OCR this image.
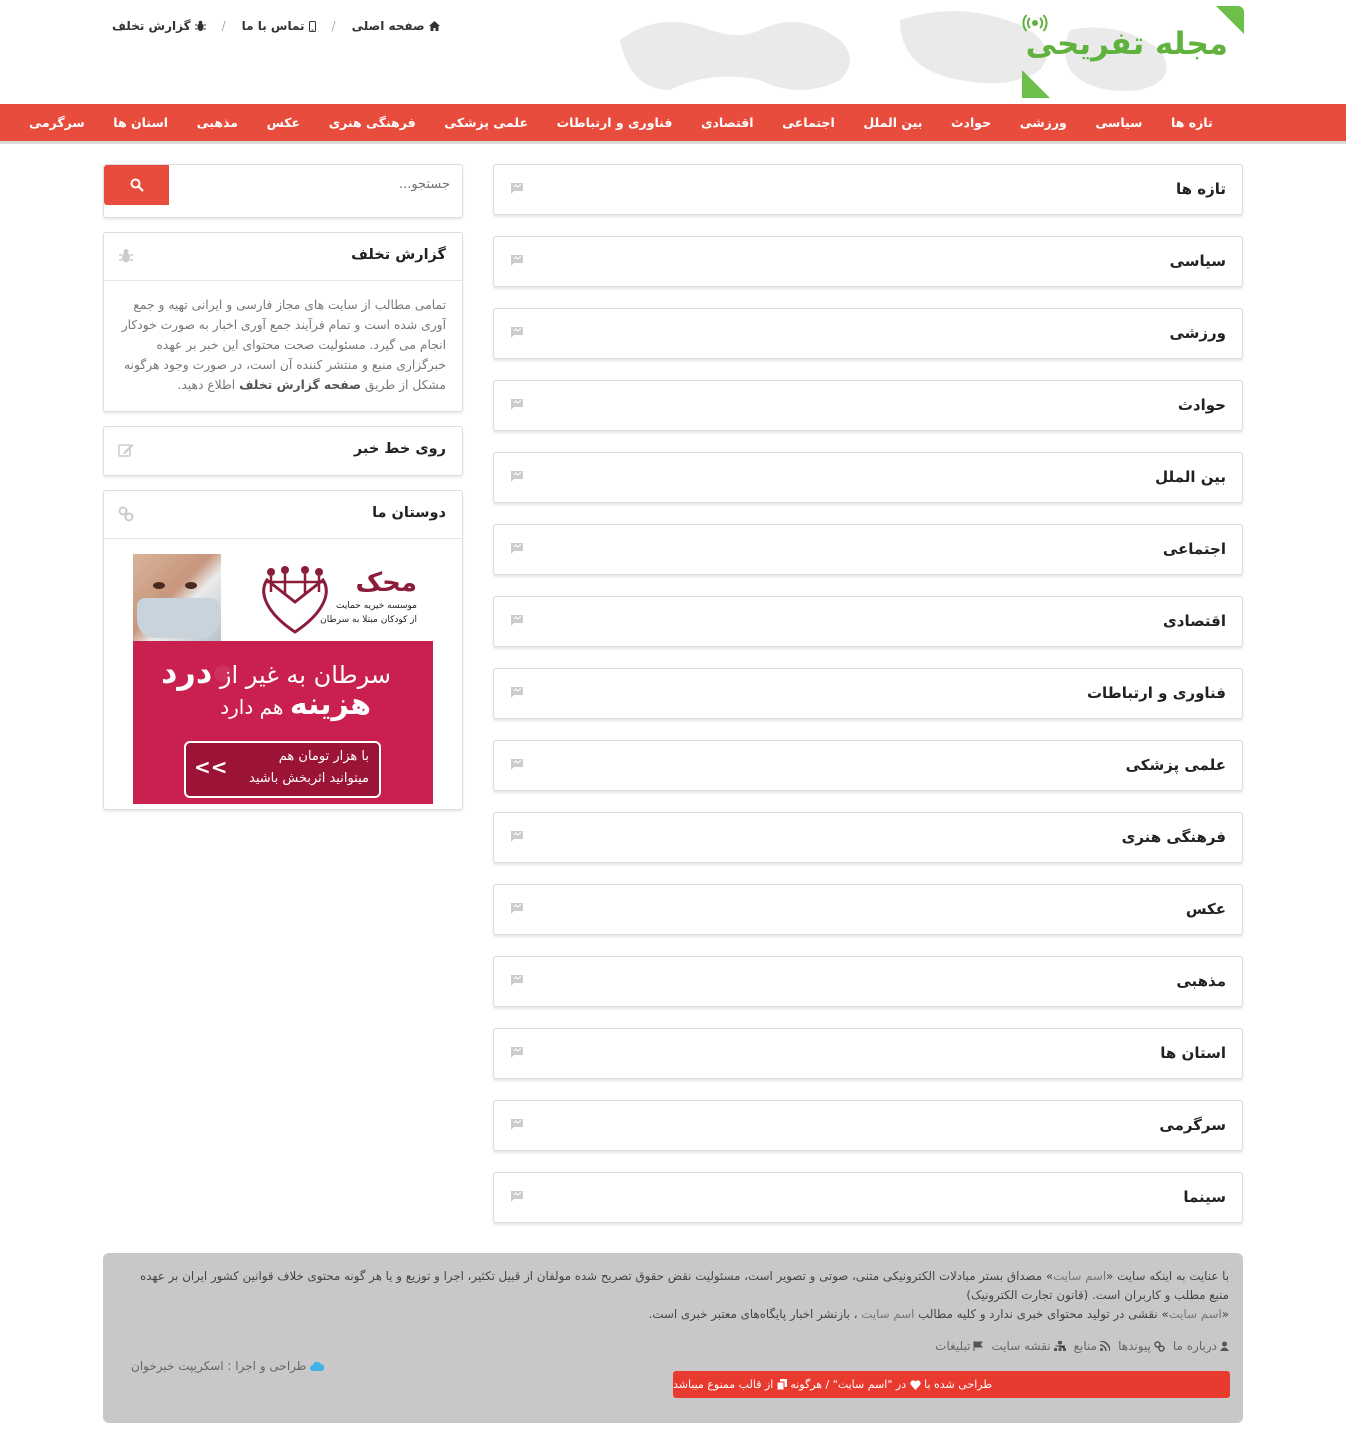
مجله تفریحی
صفحه اصلی
/
تماس با ما
/
گزارش تخلف
تازه ها
سیاسی
ورزشی
حوادث
بین الملل
اجتماعی
اقتصادی
فناوری و ارتباطات
علمی پزشکی
فرهنگی هنری
عکس
مذهبی
استان ها
سرگرمی
تازه ها
سیاسی
ورزشی
حوادث
بین الملل
اجتماعی
اقتصادی
فناوری و ارتباطات
علمی پزشکی
فرهنگی هنری
عکس
مذهبی
استان ها
سرگرمی
سینما
جستجو...
گزارش تخلف
تمامی مطالب از سایت های مجاز فارسی و ایرانی تهیه و جمع آوری شده است و تمام فرآیند جمع آوری اخبار به صورت خودکار انجام می گیرد. مسئولیت صحت محتوای این خبر بر عهده خبرگزاری منبع و منتشر کننده آن است، در صورت وجود هرگونه مشکل از طریق صفحه گزارش تخلف اطلاع دهید.
روی خط خبر
دوستان ما
محک
موسسه خیریه حمایت
از کودکان مبتلا به سرطان
سرطان به غیر از درد
هزینه هم دارد
با هزار تومان هم
میتوانید اثربخش باشید
>>
با عنایت به اینکه سایت «اسم سایت» مصداق بستر مبادلات الکترونیکی متنی، صوتی و تصویر است، مسئولیت نقض حقوق تصریح شده مولفان از قبیل تکثیر، اجرا و توزیع و یا هر گونه محتوی خلاف قوانین کشور ایران بر عهده منبع مطلب و کاربران است. (قانون تجارت الکترونیک)
«اسم سایت» نقشی در تولید محتوای خبری ندارد و کلیه مطالب اسم سایت ، بازنشر اخبار پایگاه‌های معتبر خبری است.
درباره ما
پیوندها
منابع
نقشه سایت
تبلیغات
طراحی و اجرا : اسکریپت خبرخوان
طراحی شده با

در "اسم سایت" / هرگونه

از قالب ممنوع میباشد
